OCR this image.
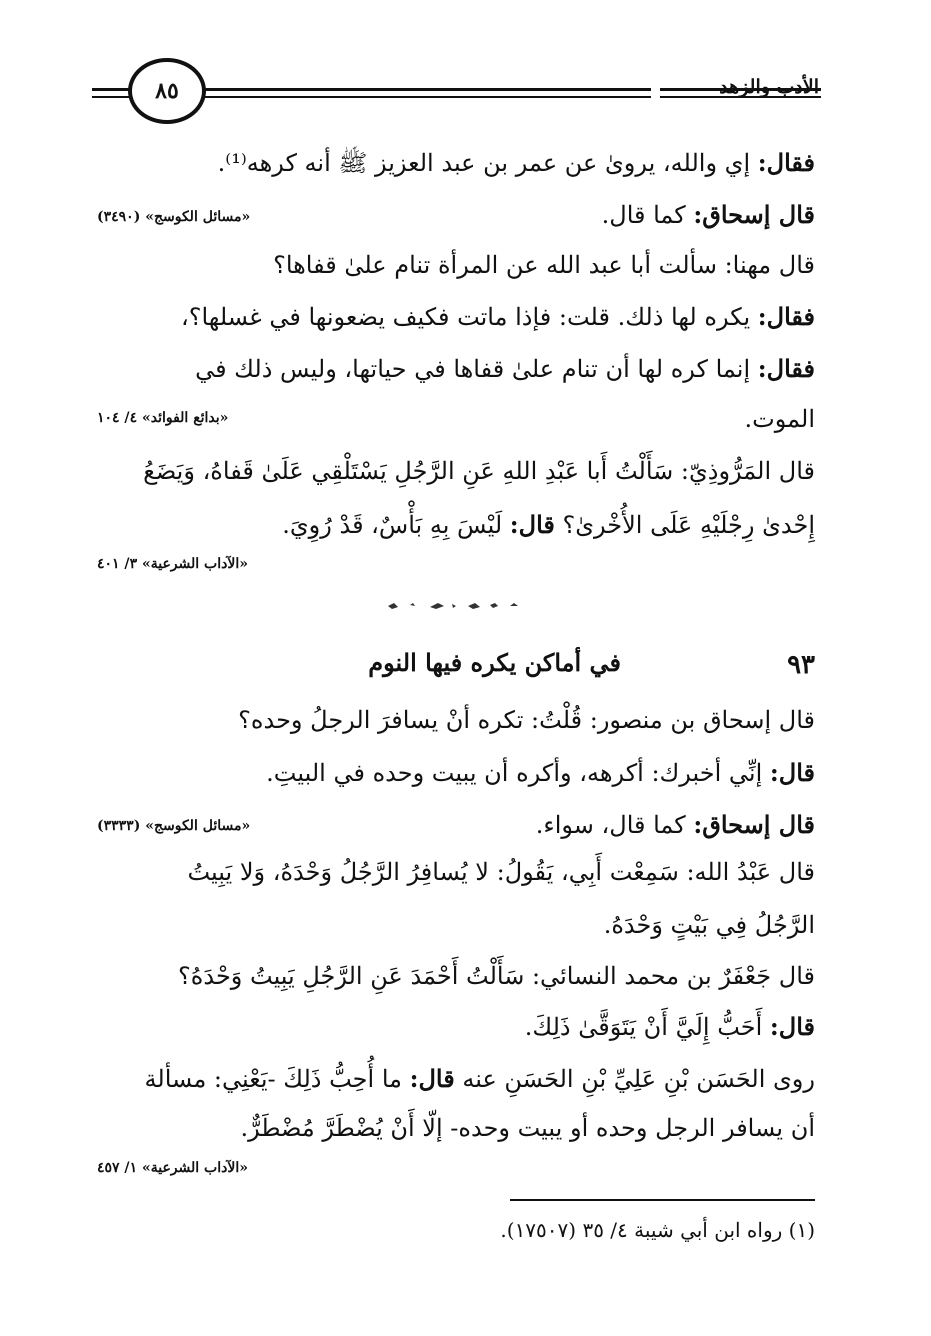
الأدب والزهد
٨٥
فقال: إي والله، يروىٰ عن عمر بن عبد العزيز ﷺ أنه كرهه⁽¹⁾.
قال إسحاق: كما قال.
«مسائل الكوسج» (٣٤٩٠)
قال مهنا: سألت أبا عبد الله عن المرأة تنام علىٰ قفاها؟
فقال: يكره لها ذلك. قلت: فإذا ماتت فكيف يضعونها في غسلها؟،
فقال: إنما كره لها أن تنام علىٰ قفاها في حياتها، وليس ذلك في
الموت.
«بدائع الفوائد» ٤/ ١٠٤
قال المَرُّوذِيّ: سَأَلْتُ أَبا عَبْدِ اللهِ عَنِ الرَّجُلِ يَسْتَلْقِي عَلَىٰ قَفاهُ، وَيَضَعُ
إِحْدىٰ رِجْلَيْهِ عَلَى الأُخْرىٰ؟ قال: لَيْسَ بِهِ بَأْسٌ، قَدْ رُوِيَ.
«الآداب الشرعية» ٣/ ٤٠١
٩٣
في أماكن يكره فيها النوم
قال إسحاق بن منصور: قُلْتُ: تكره أنْ يسافرَ الرجلُ وحده؟
قال: إنِّي أخبرك: أكرهه، وأكره أن يبيت وحده في البيتِ.
قال إسحاق: كما قال، سواء.
«مسائل الكوسج» (٣٣٣٣)
قال عَبْدُ الله: سَمِعْت أَبِي، يَقُولُ: لا يُسافِرُ الرَّجُلُ وَحْدَهُ، وَلا يَبِيتُ
الرَّجُلُ فِي بَيْتٍ وَحْدَهُ.
قال جَعْفَرٌ بن محمد النسائي: سَأَلْتُ أَحْمَدَ عَنِ الرَّجُلِ يَبِيتُ وَحْدَهُ؟
قال: أَحَبُّ إِلَيَّ أَنْ يَتَوَقَّىٰ ذَلِكَ.
روى الحَسَن بْنِ عَلِيِّ بْنِ الحَسَنِ عنه قال: ما أُحِبُّ ذَلِكَ -يَعْنِي: مسألة
أن يسافر الرجل وحده أو يبيت وحده- إلّا أَنْ يُضْطَرَّ مُضْطَرٌّ.
«الآداب الشرعية» ١/ ٤٥٧
(١) رواه ابن أبي شيبة ٤/ ٣٥ (١٧٥٠٧).
